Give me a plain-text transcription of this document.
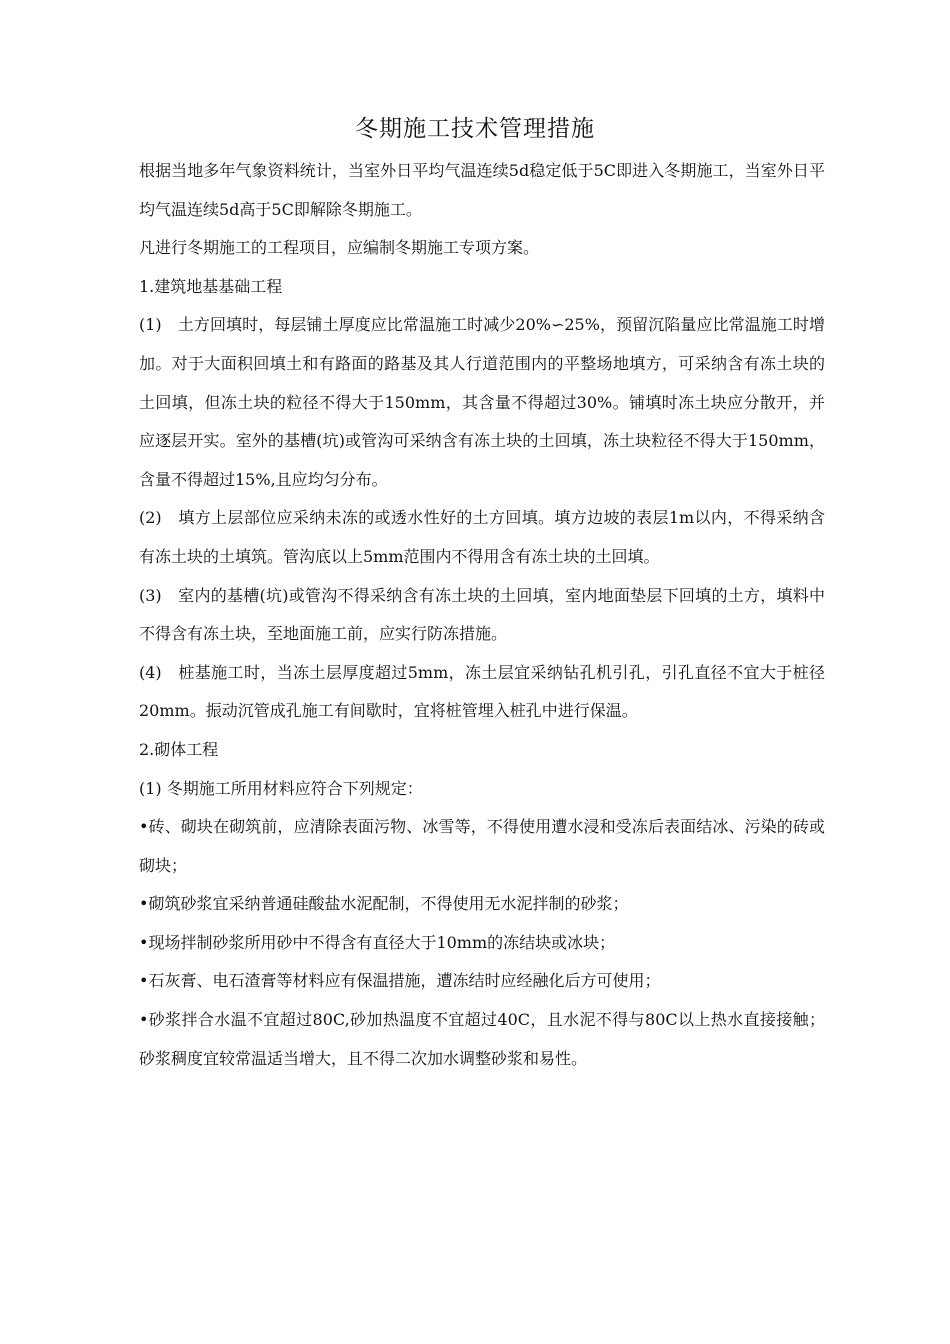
冬期施工技术管理措施

根据当地多年气象资料统计，当室外日平均气温连续5d稳定低于5C即进入冬期施工，当室外日平均气温连续5d高于5C即解除冬期施工。

凡进行冬期施工的工程项目，应编制冬期施工专项方案。

1.建筑地基基础工程

(1)　土方回填时，每层铺土厚度应比常温施工时减少20%∽25%，预留沉陷量应比常温施工时增加。对于大面积回填土和有路面的路基及其人行道范围内的平整场地填方，可采纳含有冻土块的土回填，但冻土块的粒径不得大于150mm，其含量不得超过30%。铺填时冻土块应分散开，并应逐层开实。室外的基槽(坑)或管沟可采纳含有冻土块的土回填，冻土块粒径不得大于150mm，含量不得超过15%,且应均匀分布。

(2)　填方上层部位应采纳未冻的或透水性好的土方回填。填方边坡的表层1m以内，不得采纳含有冻土块的土填筑。管沟底以上5mm范围内不得用含有冻土块的土回填。

(3)　室内的基槽(坑)或管沟不得采纳含有冻土块的土回填，室内地面垫层下回填的土方，填料中不得含有冻土块，至地面施工前，应实行防冻措施。

(4)　桩基施工时，当冻土层厚度超过5mm，冻土层宜采纳钻孔机引孔，引孔直径不宜大于桩径20mm。振动沉管成孔施工有间歇时，宜将桩管埋入桩孔中进行保温。

2.砌体工程

(1) 冬期施工所用材料应符合下列规定：

•砖、砌块在砌筑前，应清除表面污物、冰雪等，不得使用遭水浸和受冻后表面结冰、污染的砖或砌块；

•砌筑砂浆宜采纳普通硅酸盐水泥配制，不得使用无水泥拌制的砂浆；

•现场拌制砂浆所用砂中不得含有直径大于10mm的冻结块或冰块；

•石灰膏、电石渣膏等材料应有保温措施，遭冻结时应经融化后方可使用；

•砂浆拌合水温不宜超过80C,砂加热温度不宜超过40C，且水泥不得与80C以上热水直接接触；砂浆稠度宜较常温适当增大，且不得二次加水调整砂浆和易性。
